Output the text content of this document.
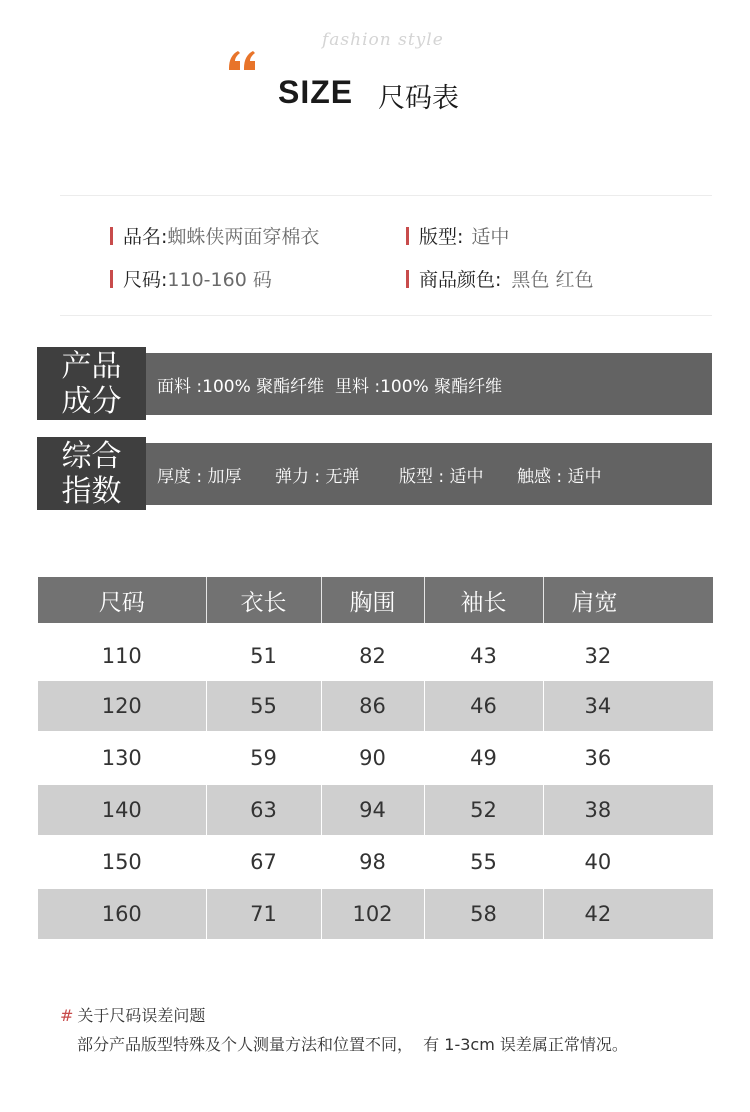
fashion style
SIZE 尺码表
品名: 蜘蛛侠两面穿棉衣	版型: 适中
尺码: 110-160 码	商品颜色: 黑色 红色
面料 :100% 聚酯纤维  里料 :100% 聚酯纤维
产品
成分
厚度 : 加厚	弹力 : 无弹	版型 : 适中	触感 : 适中
综合
指数
尺码	衣长	胸围	袖长	肩宽
110	51	82	43	32
120	55	86	46	34
130	59	90	49	36
140	63	94	52	38
150	67	98	55	40
160	71	102	58	42
# 关于尺码误差问题
部分产品版型特殊及个人测量方法和位置不同，  有 1-3cm 误差属正常情况。
